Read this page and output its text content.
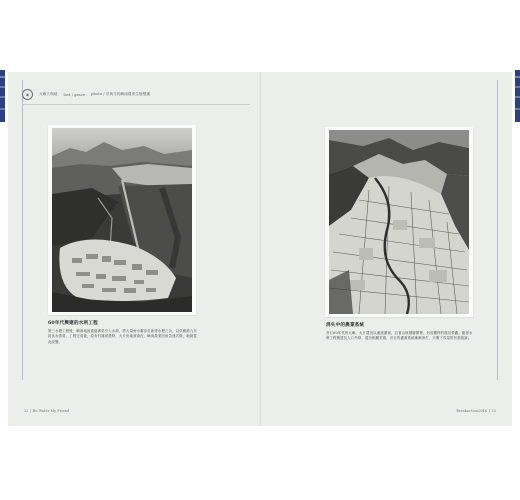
◉	大嶼天與地 lost / grace photo / 昔與今的嶼南農業生態變遷
60年代興建的水利工程

第三水塘工程後，嶼南地區通過溝渠引入水源，將大量雨水蓄存於新建水塘之內，以供應港九市區食水需要。工程完成後，原有村落被遷移，大片田地被淹沒，嶼南農業因而急速式微，地貌從此改變。

消失中的農業系統

昔日60年代的大嶼，大片農田以溪流灌溉，沿著山坡層層開墾，形成獨特的梯田景觀。隨著水利工程興建及人口外移，農田相繼荒廢，昔日的灌溉系統漸漸消失，只剩下零星的田基痕跡。

32 │ Be Water My Friend	Breakaction2046 │ 33
